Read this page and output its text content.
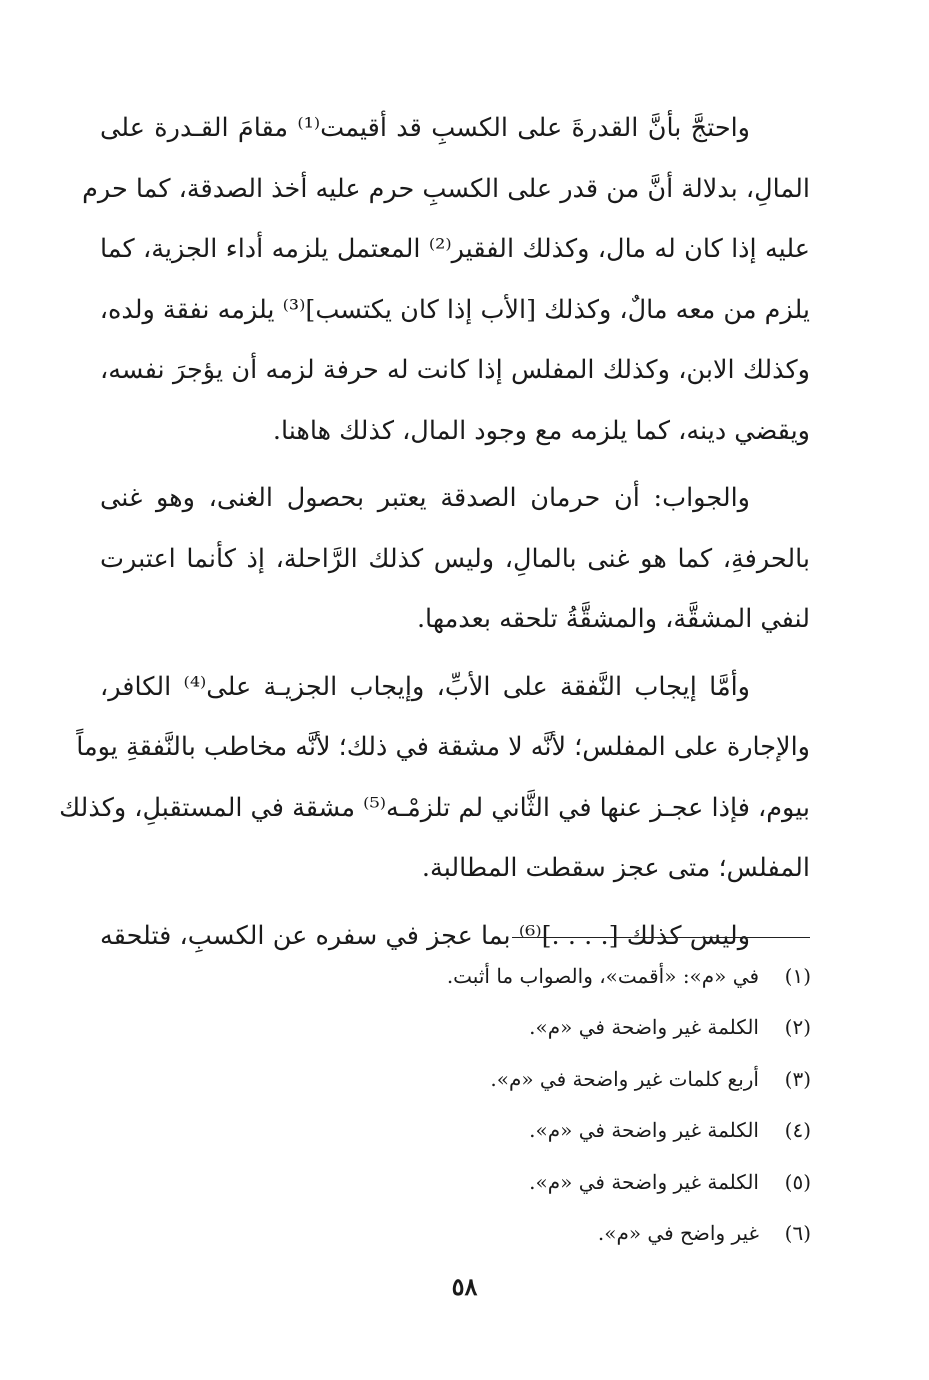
واحتجَّ بأنَّ القدرةَ على الكسبِ قد أقيمت⁽¹⁾ مقامَ القـدرة على
المالِ، بدلالة أنَّ من قدر على الكسبِ حرم عليه أخذ الصدقة، كما حرم
عليه إذا كان له مال، وكذلك الفقير⁽²⁾ المعتمل يلزمه أداء الجزية، كما
يلزم من معه مالٌ، وكذلك [الأب إذا كان يكتسب]⁽³⁾ يلزمه نفقة ولده،
وكذلك الابن، وكذلك المفلس إذا كانت له حرفة لزمه أن يؤجرَ نفسه،
ويقضي دينه، كما يلزمه مع وجود المال، كذلك هاهنا.
والجواب: أن حرمان الصدقة يعتبر بحصول الغنى، وهو غنى
بالحرفةِ، كما هو غنى بالمالِ، وليس كذلك الرَّاحلة، إذ كأنما اعتبرت
لنفي المشقَّة، والمشقَّةُ تلحقه بعدمها.
وأمَّا إيجاب النَّفقة على الأبِّ، وإيجاب الجزيـة على⁽⁴⁾ الكافر،
والإجارة على المفلس؛ لأنَّه لا مشقة في ذلك؛ لأنَّه مخاطب بالنَّفقةِ يوماً
بيوم، فإذا عجـز عنها في الثَّاني لم تلزمْـه⁽⁵⁾ مشقة في المستقبلِ، وكذلك
المفلس؛ متى عجز سقطت المطالبة.
وليس كذلك [. . . .]⁽⁶⁾ بما عجز في سفره عن الكسبِ، فتلحقه
(١)
في «م»: «أقمت»، والصواب ما أثبت.
(٢)
الكلمة غير واضحة في «م».
(٣)
أربع كلمات غير واضحة في «م».
(٤)
الكلمة غير واضحة في «م».
(٥)
الكلمة غير واضحة في «م».
(٦)
غير واضح في «م».
٥٨
